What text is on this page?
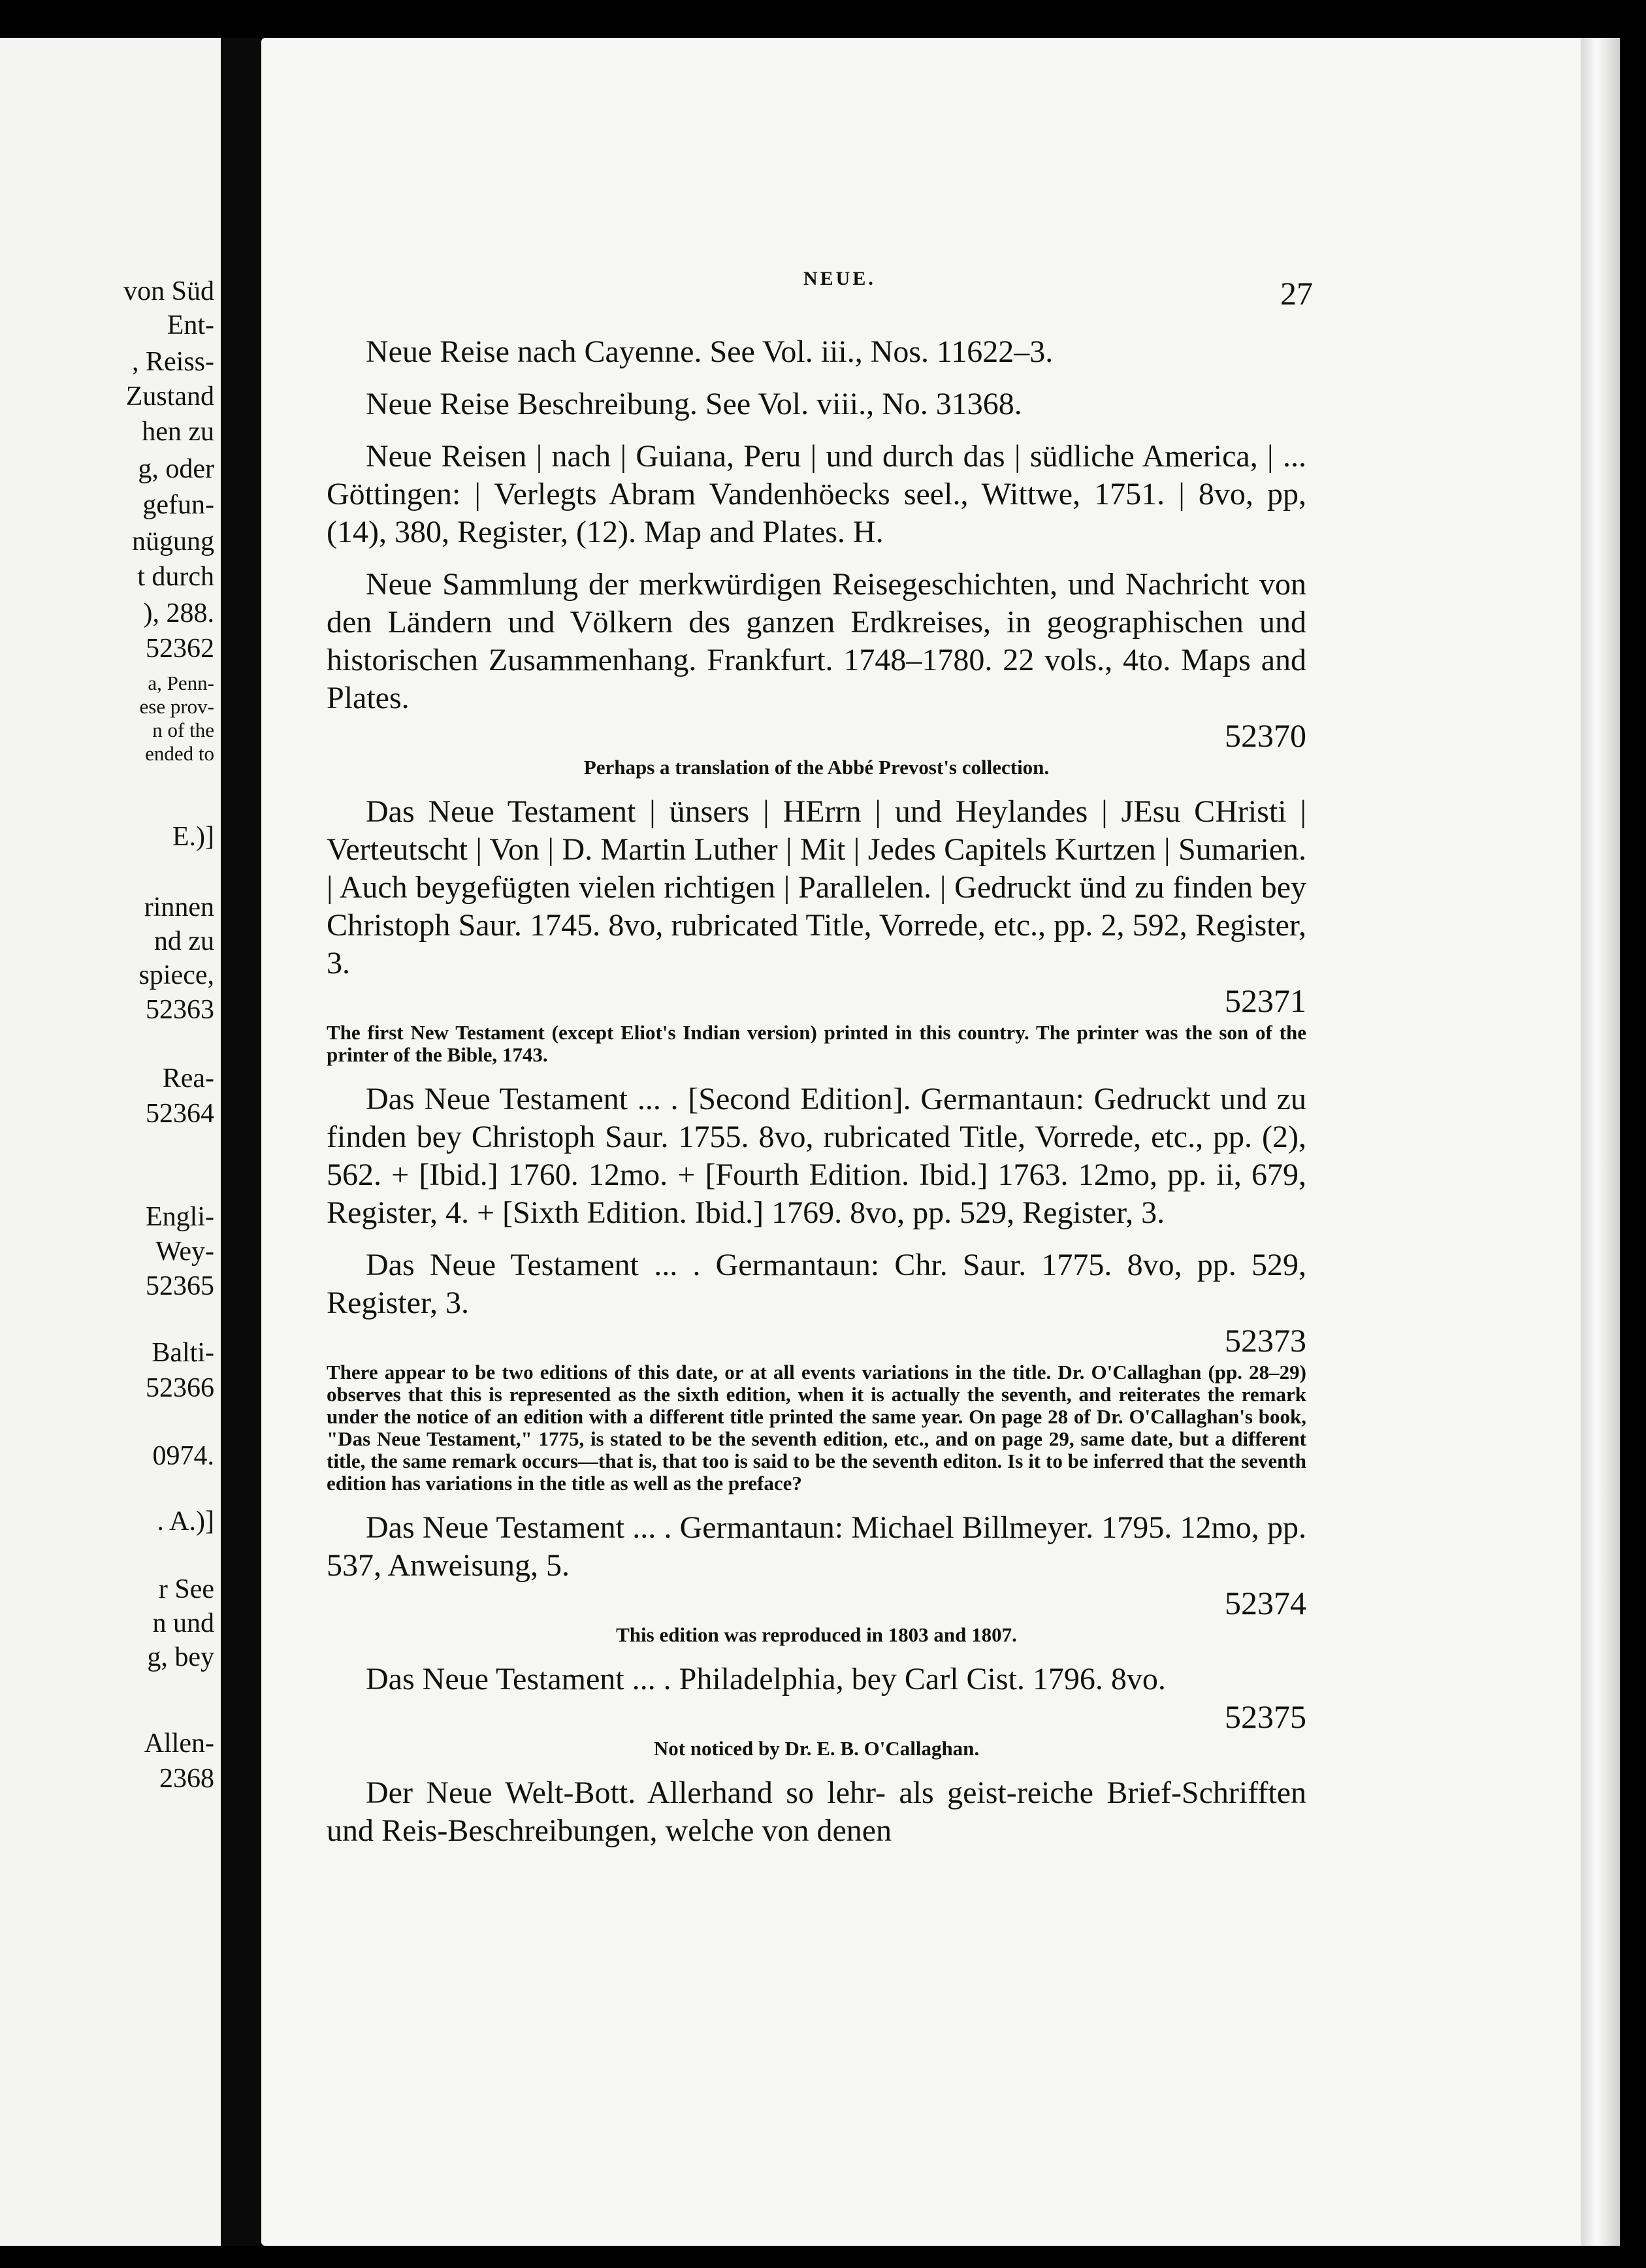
von Süd
Ent-
, Reiss-
Zustand
hen zu
g, oder
gefun-
nügung
t durch
), 288.
52362
a, Penn-
ese prov-
n of the
ended to
E.)]
rinnen
nd zu
spiece,
52363
Rea-
52364
Engli-
Wey-
52365
Balti-
52366
0974.
. A.)]
r See
n und
g, bey
Allen-
2368
NEUE.	27

Neue Reise nach Cayenne. See Vol. iii., Nos. 11622–3.

Neue Reise Beschreibung. See Vol. viii., No. 31368.

Neue Reisen | nach | Guiana, Peru | und durch das | südliche America, | ... Göttingen: | Verlegts Abram Vandenhöecks seel., Wittwe, 1751. | 8vo, pp, (14), 380, Register, (12). Map and Plates. H.

Neue Sammlung der merkwürdigen Reisegeschichten, und Nachricht von den Ländern und Völkern des ganzen Erdkreises, in geographischen und historischen Zusammenhang. Frankfurt. 1748–1780. 22 vols., 4to. Maps and Plates.

52370
Perhaps a translation of the Abbé Prevost's collection.

Das Neue Testament | ünsers | HErrn | und Heylandes | JEsu CHristi | Verteutscht | Von | D. Martin Luther | Mit | Jedes Capitels Kurtzen | Sumarien. | Auch beygefügten vielen richtigen | Parallelen. | Gedruckt ünd zu finden bey Christoph Saur. 1745. 8vo, rubricated Title, Vorrede, etc., pp. 2, 592, Register, 3.

52371
The first New Testament (except Eliot's Indian version) printed in this country. The printer was the son of the printer of the Bible, 1743.

Das Neue Testament ... . [Second Edition]. Germantaun: Gedruckt und zu finden bey Christoph Saur. 1755. 8vo, rubricated Title, Vorrede, etc., pp. (2), 562. + [Ibid.] 1760. 12mo. + [Fourth Edition. Ibid.] 1763. 12mo, pp. ii, 679, Register, 4. + [Sixth Edition. Ibid.] 1769. 8vo, pp. 529, Register, 3.

Das Neue Testament ... . Germantaun: Chr. Saur. 1775. 8vo, pp. 529, Register, 3.

52373
There appear to be two editions of this date, or at all events variations in the title. Dr. O'Callaghan (pp. 28–29) observes that this is represented as the sixth edition, when it is actually the seventh, and reiterates the remark under the notice of an edition with a different title printed the same year. On page 28 of Dr. O'Callaghan's book, "Das Neue Testament," 1775, is stated to be the seventh edition, etc., and on page 29, same date, but a different title, the same remark occurs—that is, that too is said to be the seventh editon. Is it to be inferred that the seventh edition has variations in the title as well as the preface?

Das Neue Testament ... . Germantaun: Michael Billmeyer. 1795. 12mo, pp. 537, Anweisung, 5.

52374
This edition was reproduced in 1803 and 1807.

Das Neue Testament ... . Philadelphia, bey Carl Cist. 1796. 8vo.

52375
Not noticed by Dr. E. B. O'Callaghan.

Der Neue Welt-Bott. Allerhand so lehr- als geist-reiche Brief-Schrifften und Reis-Beschreibungen, welche von denen
